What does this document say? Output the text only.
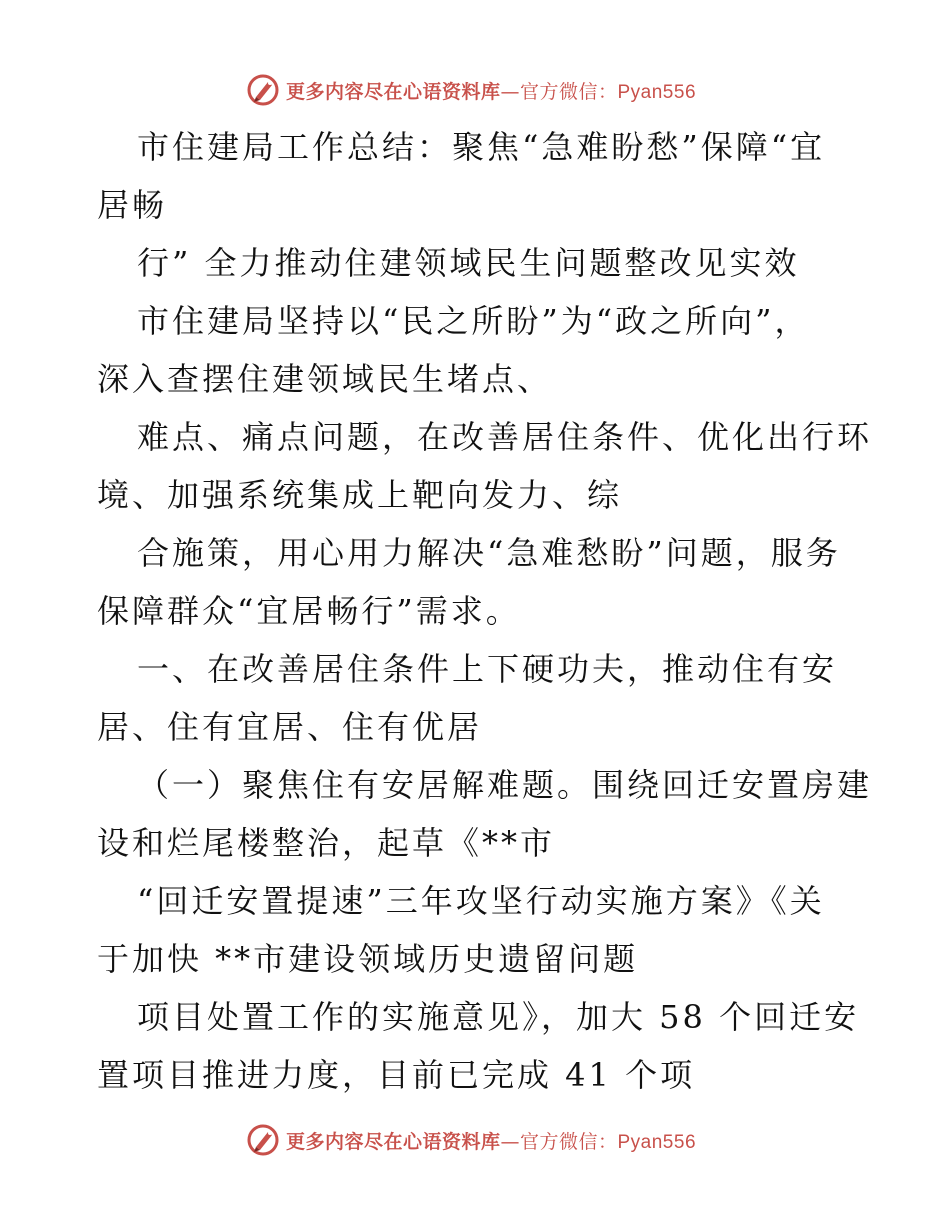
更多内容尽在心语资料库—官方微信：Pyan556
市住建局工作总结：聚焦“急难盼愁”保障“宜
居畅
行” 全力推动住建领域民生问题整改见实效
市住建局坚持以“民之所盼”为“政之所向”，
深入查摆住建领域民生堵点、
难点、痛点问题，在改善居住条件、优化出行环
境、加强系统集成上靶向发力、综
合施策，用心用力解决“急难愁盼”问题，服务
保障群众“宜居畅行”需求。
一、在改善居住条件上下硬功夫，推动住有安
居、住有宜居、住有优居
（一）聚焦住有安居解难题。围绕回迁安置房建
设和烂尾楼整治，起草《**市
“回迁安置提速”三年攻坚行动实施方案》《关
于加快 **市建设领域历史遗留问题
项目处置工作的实施意见》，加大 58 个回迁安
置项目推进力度，目前已完成 41 个项
更多内容尽在心语资料库—官方微信：Pyan556
